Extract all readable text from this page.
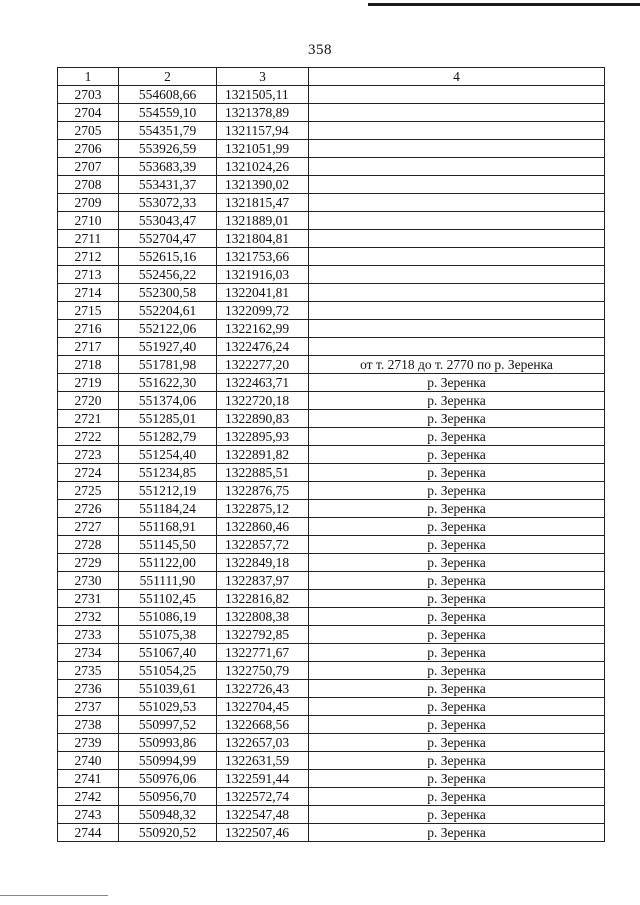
358
1	2	3	4
2703	554608,66	1321505,11	
2704	554559,10	1321378,89	
2705	554351,79	1321157,94	
2706	553926,59	1321051,99	
2707	553683,39	1321024,26	
2708	553431,37	1321390,02	
2709	553072,33	1321815,47	
2710	553043,47	1321889,01	
2711	552704,47	1321804,81	
2712	552615,16	1321753,66	
2713	552456,22	1321916,03	
2714	552300,58	1322041,81	
2715	552204,61	1322099,72	
2716	552122,06	1322162,99	
2717	551927,40	1322476,24	
2718	551781,98	1322277,20	от т. 2718 до т. 2770 по р. Зеренка
2719	551622,30	1322463,71	р. Зеренка
2720	551374,06	1322720,18	р. Зеренка
2721	551285,01	1322890,83	р. Зеренка
2722	551282,79	1322895,93	р. Зеренка
2723	551254,40	1322891,82	р. Зеренка
2724	551234,85	1322885,51	р. Зеренка
2725	551212,19	1322876,75	р. Зеренка
2726	551184,24	1322875,12	р. Зеренка
2727	551168,91	1322860,46	р. Зеренка
2728	551145,50	1322857,72	р. Зеренка
2729	551122,00	1322849,18	р. Зеренка
2730	551111,90	1322837,97	р. Зеренка
2731	551102,45	1322816,82	р. Зеренка
2732	551086,19	1322808,38	р. Зеренка
2733	551075,38	1322792,85	р. Зеренка
2734	551067,40	1322771,67	р. Зеренка
2735	551054,25	1322750,79	р. Зеренка
2736	551039,61	1322726,43	р. Зеренка
2737	551029,53	1322704,45	р. Зеренка
2738	550997,52	1322668,56	р. Зеренка
2739	550993,86	1322657,03	р. Зеренка
2740	550994,99	1322631,59	р. Зеренка
2741	550976,06	1322591,44	р. Зеренка
2742	550956,70	1322572,74	р. Зеренка
2743	550948,32	1322547,48	р. Зеренка
2744	550920,52	1322507,46	р. Зеренка
